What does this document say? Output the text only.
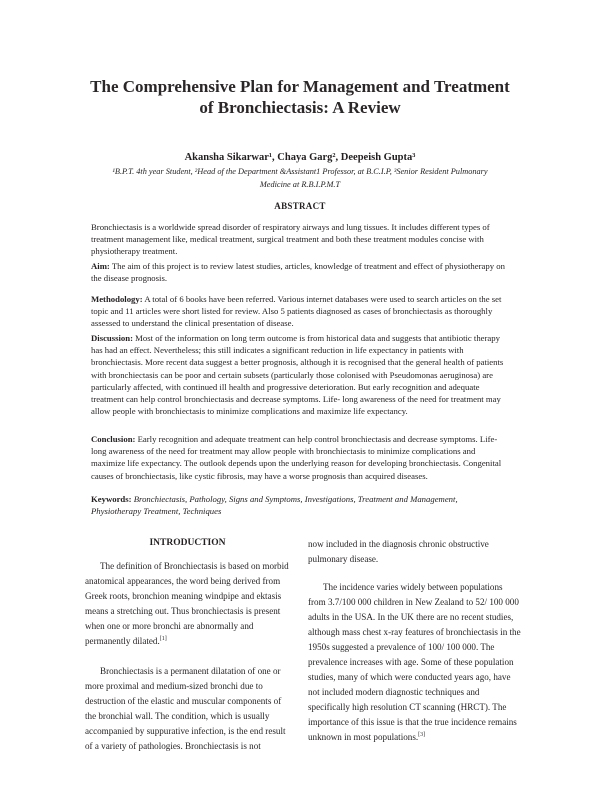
The Comprehensive Plan for Management and Treatment
of Bronchiectasis: A Review
Akansha Sikarwar¹, Chaya Garg², Deepeish Gupta³
¹B.P.T. 4th year Student, ²Head of the Department &Assistant1 Professor, at B.C.I.P, ³Senior Resident Pulmonary
Medicine at R.B.I.P.M.T
ABSTRACT

Bronchiectasis is a worldwide spread disorder of respiratory airways and lung tissues. It includes different types of treatment management like, medical treatment, surgical treatment and both these treatment modules concise with physiotherapy treatment.

Aim: The aim of this project is to review latest studies, articles, knowledge of treatment and effect of physiotherapy on the disease prognosis.

Methodology: A total of 6 books have been referred. Various internet databases were used to search articles on the set topic and 11 articles were short listed for review. Also 5 patients diagnosed as cases of bronchiectasis as thoroughly assessed to understand the clinical presentation of disease.

Discussion: Most of the information on long term outcome is from historical data and suggests that antibiotic therapy has had an effect. Nevertheless; this still indicates a significant reduction in life expectancy in patients with bronchiectasis. More recent data suggest a better prognosis, although it is recognised that the general health of patients with bronchiectasis can be poor and certain subsets (particularly those colonised with Pseudomonas aeruginosa) are particularly affected, with continued ill health and progressive deterioration. But early recognition and adequate treatment can help control bronchiectasis and decrease symptoms. Life- long awareness of the need for treatment may allow people with bronchiectasis to minimize complications and maximize life expectancy.

Conclusion: Early recognition and adequate treatment can help control bronchiectasis and decrease symptoms. Life- long awareness of the need for treatment may allow people with bronchiectasis to minimize complications and maximize life expectancy. The outlook depends upon the underlying reason for developing bronchiectasis. Congenital causes of bronchiectasis, like cystic fibrosis, may have a worse prognosis than acquired diseases.

Keywords: Bronchiectasis, Pathology, Signs and Symptoms, Investigations, Treatment and Management, Physiotherapy Treatment, Techniques

INTRODUCTION

The definition of Bronchiectasis is based on morbid anatomical appearances, the word being derived from Greek roots, bronchion meaning windpipe and ektasis means a stretching out. Thus bronchiectasis is present when one or more bronchi are abnormally and permanently dilated.[1]

Bronchiectasis is a permanent dilatation of one or more proximal and medium-sized bronchi due to destruction of the elastic and muscular components of the bronchial wall. The condition, which is usually accompanied by suppurative infection, is the end result of a variety of pathologies. Bronchiectasis is not

now included in the diagnosis chronic obstructive pulmonary disease.

The incidence varies widely between populations from 3.7/100 000 children in New Zealand to 52/ 100 000 adults in the USA. In the UK there are no recent studies, although mass chest x-ray features of bronchiectasis in the 1950s suggested a prevalence of 100/ 100 000. The prevalence increases with age. Some of these population studies, many of which were conducted years ago, have not included modern diagnostic techniques and specifically high resolution CT scanning (HRCT). The importance of this issue is that the true incidence remains unknown in most populations.[3]
